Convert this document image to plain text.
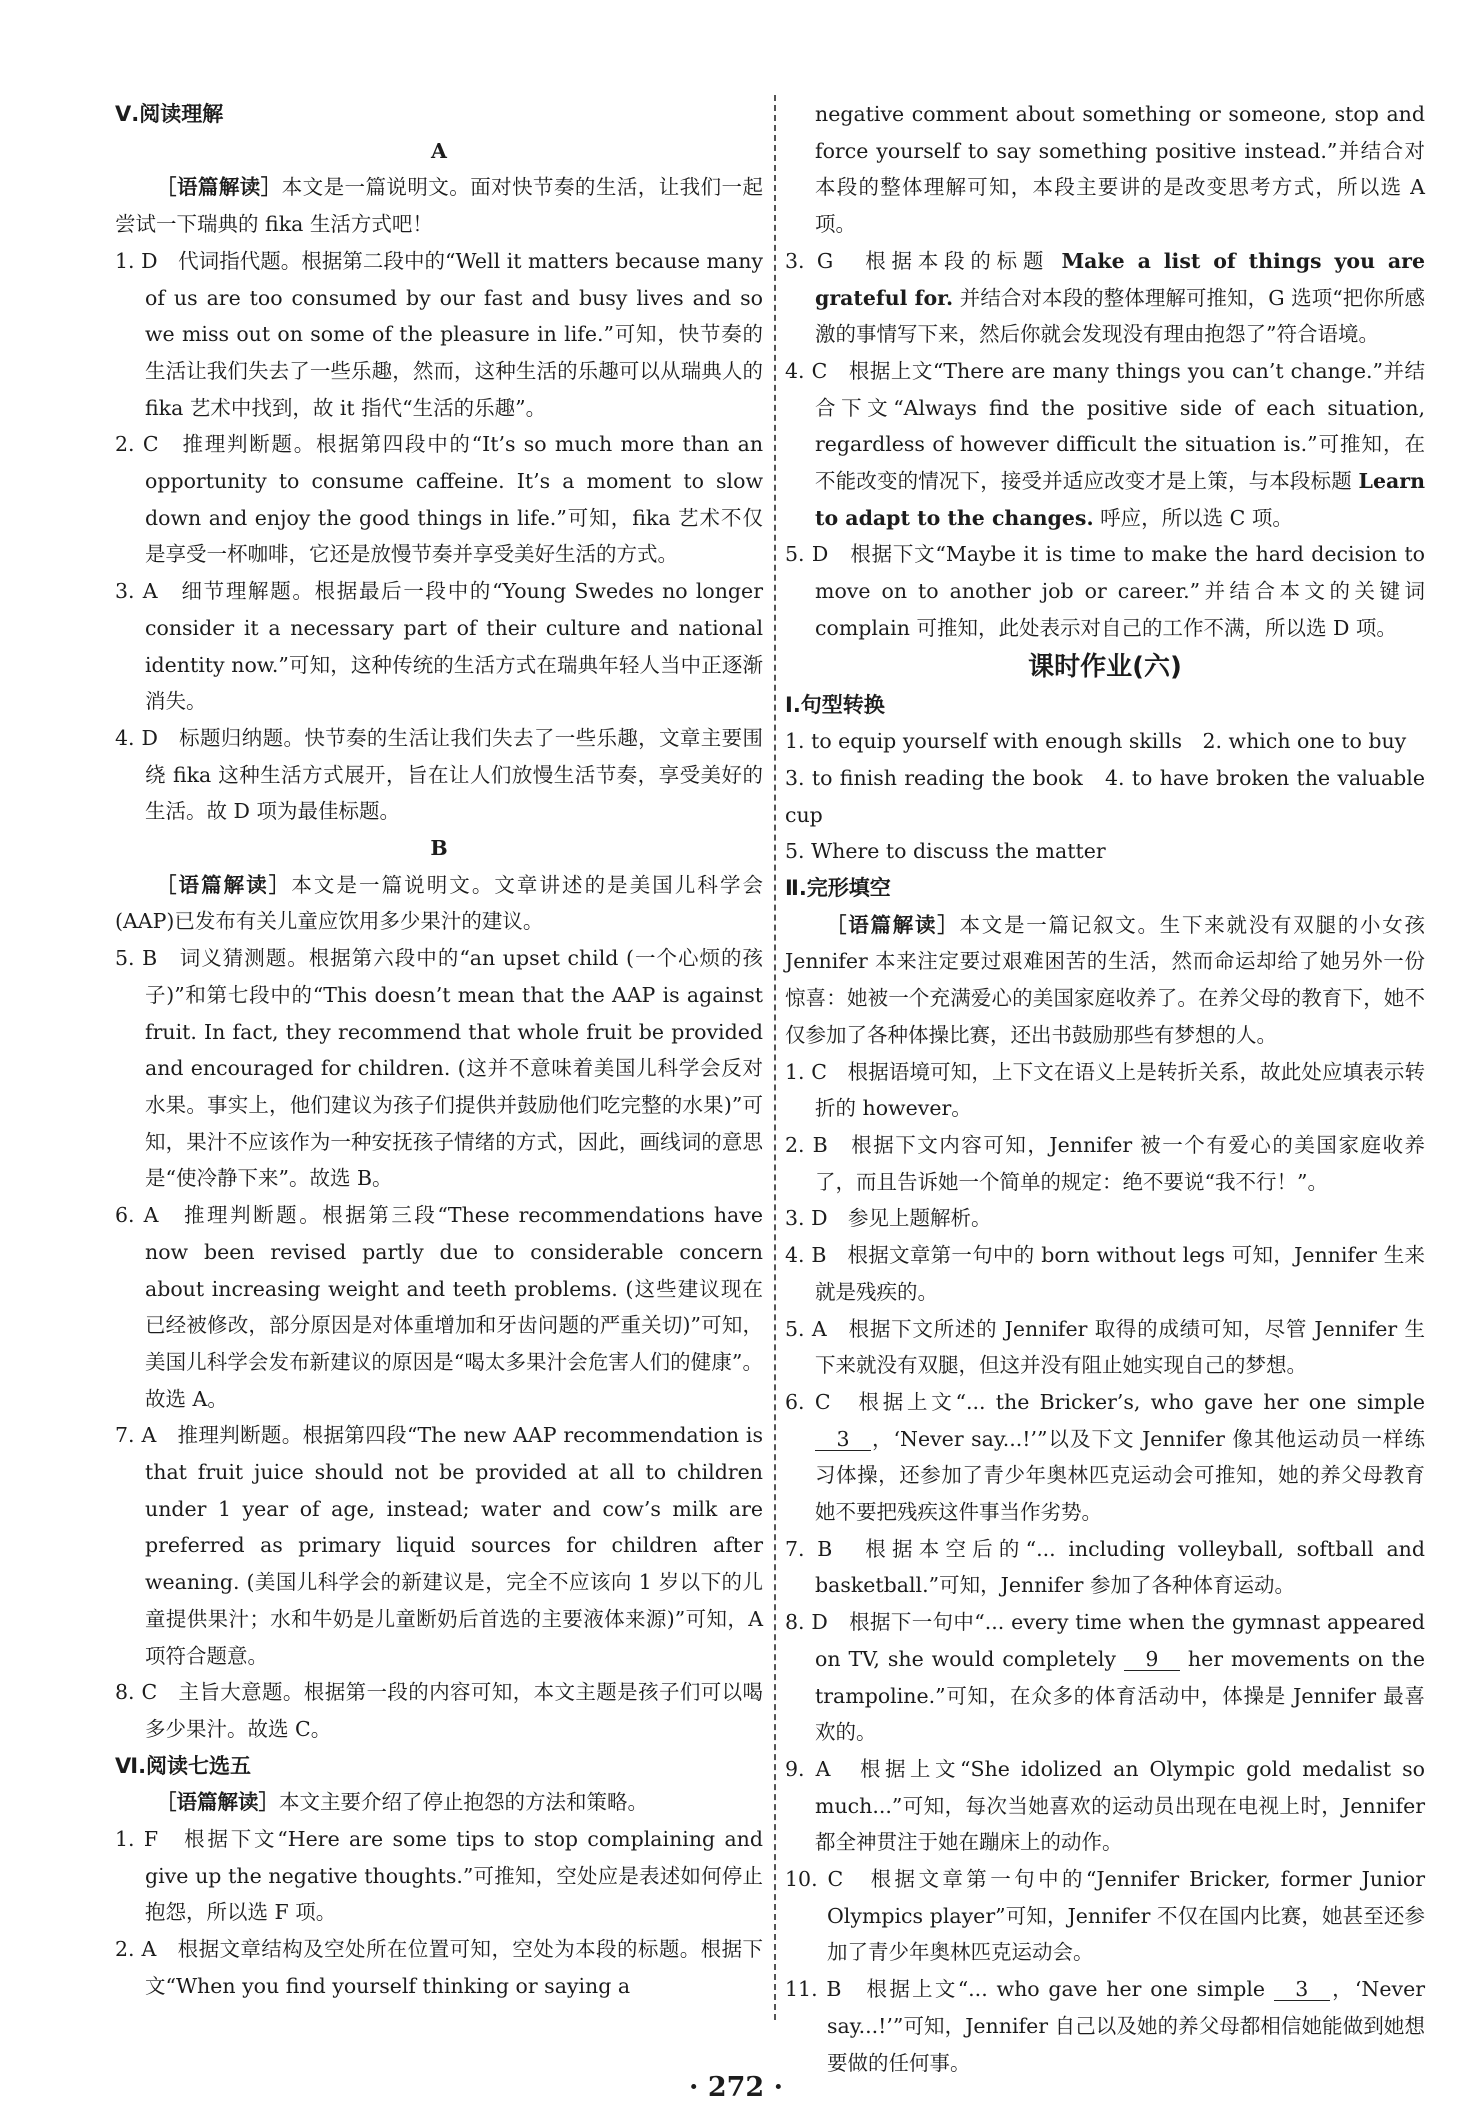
Ⅴ.阅读理解

A

［语篇解读］本文是一篇说明文。面对快节奏的生活，让我们一起尝试一下瑞典的 fika 生活方式吧！

1. D　 代词指代题。根据第二段中的“Well it matters because many of us are too consumed by our fast and busy lives and so we miss out on some of the pleasure in life.”可知，快节奏的生活让我们失去了一些乐趣，然而，这种生活的乐趣可以从瑞典人的 fika 艺术中找到，故 it 指代“生活的乐趣”。

2. C　 推理判断题。根据第四段中的“It’s so much more than an opportunity to consume caffeine. It’s a moment to slow down and enjoy the good things in life.”可知，fika 艺术不仅是享受一杯咖啡，它还是放慢节奏并享受美好生活的方式。

3. A　 细节理解题。根据最后一段中的“Young Swedes no longer consider it a necessary part of their culture and national identity now.”可知，这种传统的生活方式在瑞典年轻人当中正逐渐消失。

4. D　 标题归纳题。快节奏的生活让我们失去了一些乐趣，文章主要围绕 fika 这种生活方式展开，旨在让人们放慢生活节奏，享受美好的生活。故 D 项为最佳标题。

B

［语篇解读］本文是一篇说明文。文章讲述的是美国儿科学会(AAP)已发布有关儿童应饮用多少果汁的建议。

5. B　 词义猜测题。根据第六段中的“an upset child (一个心烦的孩子)”和第七段中的“This doesn’t mean that the AAP is against fruit. In fact, they recommend that whole fruit be provided and encouraged for children. (这并不意味着美国儿科学会反对水果。事实上，他们建议为孩子们提供并鼓励他们吃完整的水果)”可知，果汁不应该作为一种安抚孩子情绪的方式，因此，画线词的意思是“使冷静下来”。故选 B。

6. A　 推理判断题。根据第三段“These recommendations have now been revised partly due to considerable concern about increasing weight and teeth problems. (这些建议现在已经被修改，部分原因是对体重增加和牙齿问题的严重关切)”可知，美国儿科学会发布新建议的原因是“喝太多果汁会危害人们的健康”。故选 A。

7. A　 推理判断题。根据第四段“The new AAP recommendation is that fruit juice should not be provided at all to children under 1 year of age, instead; water and cow’s milk are preferred as primary liquid sources for children after weaning. (美国儿科学会的新建议是，完全不应该向 1 岁以下的儿童提供果汁；水和牛奶是儿童断奶后首选的主要液体来源)”可知，A 项符合题意。

8. C　 主旨大意题。根据第一段的内容可知，本文主题是孩子们可以喝多少果汁。故选 C。

Ⅵ.阅读七选五

［语篇解读］本文主要介绍了停止抱怨的方法和策略。

1. F　 根据下文“Here are some tips to stop complaining and give up the negative thoughts.”可推知，空处应是表述如何停止抱怨，所以选 F 项。

2. A　 根据文章结构及空处所在位置可知，空处为本段的标题。根据下文“When you find yourself thinking or saying a

negative comment about something or someone, stop and force yourself to say something positive instead.”并结合对本段的整体理解可知，本段主要讲的是改变思考方式，所以选 A 项。

3. G　 根据本段的标题 Make a list of things you are grateful for. 并结合对本段的整体理解可推知，G 选项“把你所感激的事情写下来，然后你就会发现没有理由抱怨了”符合语境。

4. C　 根据上文“There are many things you can’t change.”并结合下文“Always find the positive side of each situation, regardless of however difficult the situation is.”可推知，在不能改变的情况下，接受并适应改变才是上策，与本段标题 Learn to adapt to the changes. 呼应，所以选 C 项。

5. D　 根据下文“Maybe it is time to make the hard decision to move on to another job or career.”并结合本文的关键词 complain 可推知，此处表示对自己的工作不满，所以选 D 项。

课时作业(六)

Ⅰ.句型转换

1. to equip yourself with enough skills　2. which one to buy

3. to finish reading the book　4. to have broken the valuable cup

5. Where to discuss the matter

Ⅱ.完形填空

［语篇解读］本文是一篇记叙文。生下来就没有双腿的小女孩 Jennifer 本来注定要过艰难困苦的生活，然而命运却给了她另外一份惊喜：她被一个充满爱心的美国家庭收养了。在养父母的教育下，她不仅参加了各种体操比赛，还出书鼓励那些有梦想的人。

1. C　 根据语境可知，上下文在语义上是转折关系，故此处应填表示转折的 however。

2. B　 根据下文内容可知，Jennifer 被一个有爱心的美国家庭收养了，而且告诉她一个简单的规定：绝不要说“我不行！”。

3. D　 参见上题解析。

4. B　 根据文章第一句中的 born without legs 可知，Jennifer 生来就是残疾的。

5. A　 根据下文所述的 Jennifer 取得的成绩可知，尽管 Jennifer 生下来就没有双腿，但这并没有阻止她实现自己的梦想。

6. C　 根据上文“... the Bricker’s, who gave her one simple 3 ，‘Never say...!’”以及下文 Jennifer 像其他运动员一样练习体操，还参加了青少年奥林匹克运动会可推知，她的养父母教育她不要把残疾这件事当作劣势。

7. B　 根据本空后的“... including volleyball, softball and basketball.”可知，Jennifer 参加了各种体育运动。

8. D　 根据下一句中“... every time when the gymnast appeared on TV, she would completely 9 her movements on the trampoline.”可知，在众多的体育活动中，体操是 Jennifer 最喜欢的。

9. A　 根据上文“She idolized an Olympic gold medalist so much...”可知，每次当她喜欢的运动员出现在电视上时，Jennifer 都全神贯注于她在蹦床上的动作。

10. C　 根据文章第一句中的“Jennifer Bricker, former Junior Olympics player”可知，Jennifer 不仅在国内比赛，她甚至还参加了青少年奥林匹克运动会。

11. B　 根据上文“... who gave her one simple 3 ，‘Never say...!’”可知，Jennifer 自己以及她的养父母都相信她能做到她想要做的任何事。

· 272 ·
